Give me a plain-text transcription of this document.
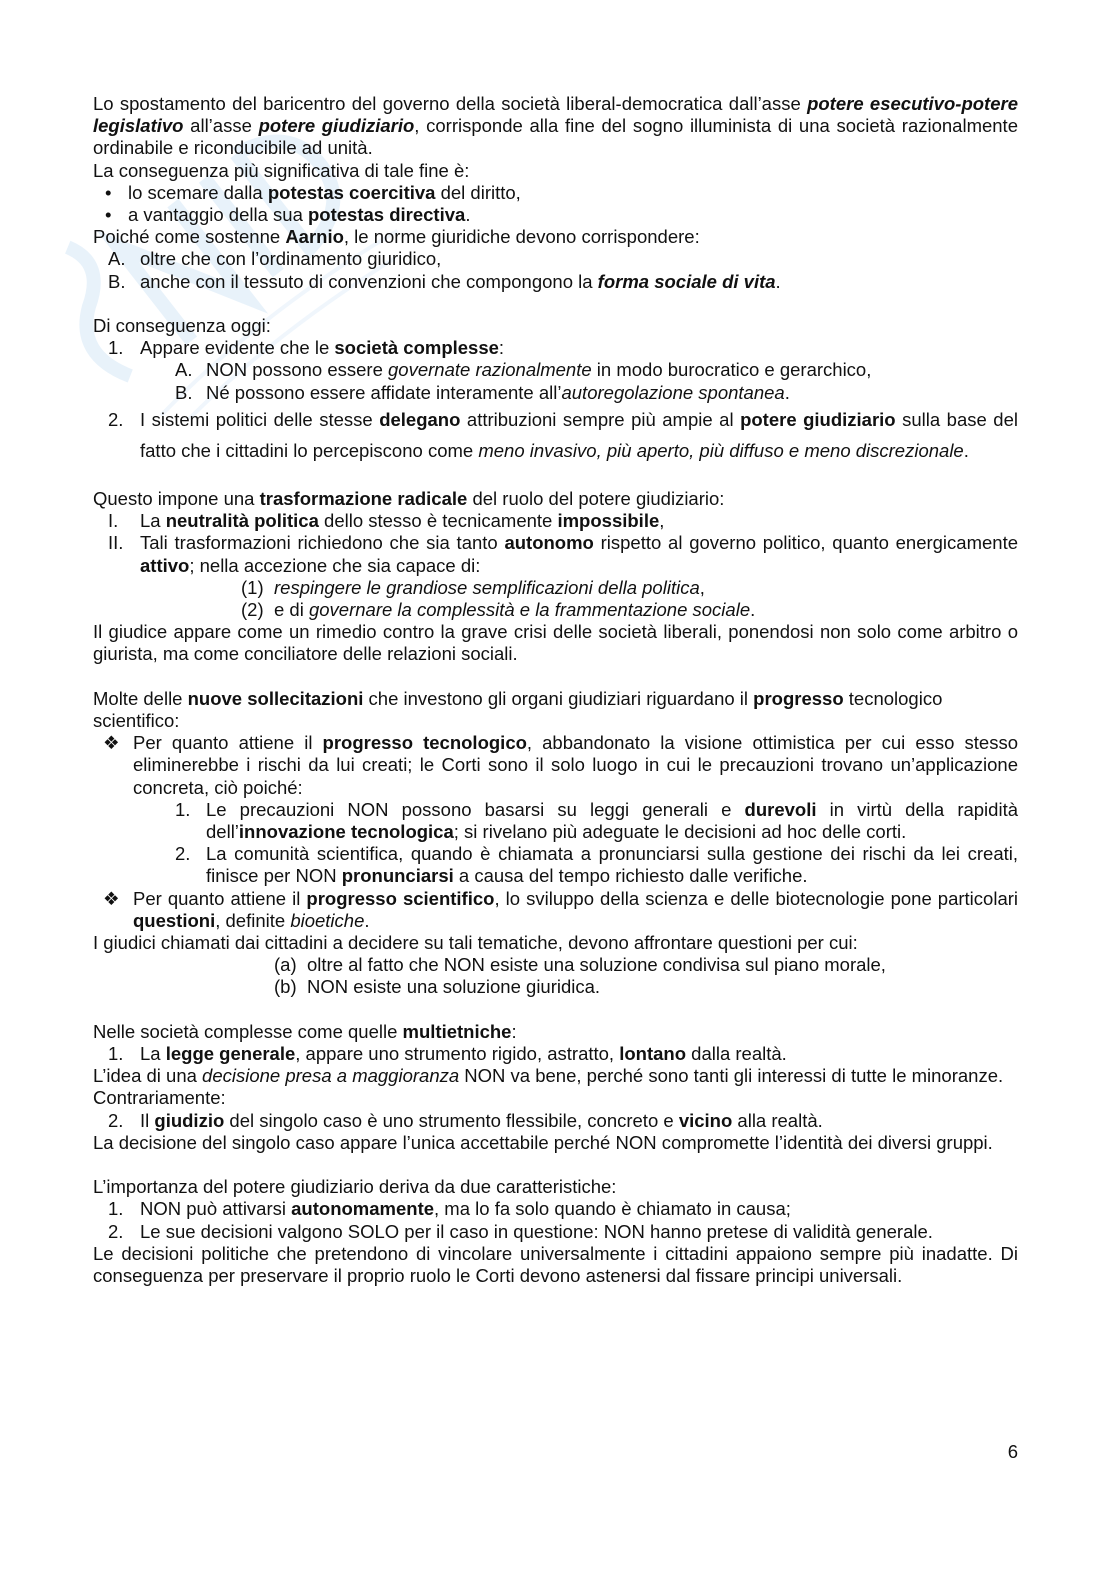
Lo spostamento del baricentro del governo della società liberal-democratica dall’asse potere esecutivo-potere legislativo all’asse potere giudiziario, corrisponde alla fine del sogno illuminista di una società razionalmente ordinabile e riconducibile ad unità.

La conseguenza più significativa di tale fine è:

• lo scemare dalla potestas coercitiva del diritto,
• a vantaggio della sua potestas directiva.

Poiché come sostenne Aarnio, le norme giuridiche devono corrispondere:

A. oltre che con l’ordinamento giuridico,
B. anche con il tessuto di convenzioni che compongono la forma sociale di vita.

Di conseguenza oggi:

1. Appare evidente che le società complesse:
A. NON possono essere governate razionalmente in modo burocratico e gerarchico,
B. Né possono essere affidate interamente all’autoregolazione spontanea.
2. I sistemi politici delle stesse delegano attribuzioni sempre più ampie al potere giudiziario sulla base del fatto che i cittadini lo percepiscono come meno invasivo, più aperto, più diffuso e meno discrezionale.

Questo impone una trasformazione radicale del ruolo del potere giudiziario:

I. La neutralità politica dello stesso è tecnicamente impossibile,
II. Tali trasformazioni richiedono che sia tanto autonomo rispetto al governo politico, quanto energicamente attivo; nella accezione che sia capace di:
(1) respingere le grandiose semplificazioni della politica,
(2) e di governare la complessità e la frammentazione sociale.

Il giudice appare come un rimedio contro la grave crisi delle società liberali, ponendosi non solo come arbitro o giurista, ma come conciliatore delle relazioni sociali.

Molte delle nuove sollecitazioni che investono gli organi giudiziari riguardano il progresso tecnologico scientifico:

❖ Per quanto attiene il progresso tecnologico, abbandonato la visione ottimistica per cui esso stesso eliminerebbe i rischi da lui creati; le Corti sono il solo luogo in cui le precauzioni trovano un’applicazione concreta, ciò poiché:
1. Le precauzioni NON possono basarsi su leggi generali e durevoli in virtù della rapidità dell’innovazione tecnologica; si rivelano più adeguate le decisioni ad hoc delle corti.
2. La comunità scientifica, quando è chiamata a pronunciarsi sulla gestione dei rischi da lei creati, finisce per NON pronunciarsi a causa del tempo richiesto dalle verifiche.
❖ Per quanto attiene il progresso scientifico, lo sviluppo della scienza e delle biotecnologie pone particolari questioni, definite bioetiche.

I giudici chiamati dai cittadini a decidere su tali tematiche, devono affrontare questioni per cui:

(a) oltre al fatto che NON esiste una soluzione condivisa sul piano morale,
(b) NON esiste una soluzione giuridica.

Nelle società complesse come quelle multietniche:

1. La legge generale, appare uno strumento rigido, astratto, lontano dalla realtà.

L’idea di una decisione presa a maggioranza NON va bene, perché sono tanti gli interessi di tutte le minoranze.

Contrariamente:

2. Il giudizio del singolo caso è uno strumento flessibile, concreto e vicino alla realtà.

La decisione del singolo caso appare l’unica accettabile perché NON compromette l’identità dei diversi gruppi.

L’importanza del potere giudiziario deriva da due caratteristiche:

1. NON può attivarsi autonomamente, ma lo fa solo quando è chiamato in causa;
2. Le sue decisioni valgono SOLO per il caso in questione: NON hanno pretese di validità generale.

Le decisioni politiche che pretendono di vincolare universalmente i cittadini appaiono sempre più inadatte. Di conseguenza per preservare il proprio ruolo le Corti devono astenersi dal fissare principi universali.

6
